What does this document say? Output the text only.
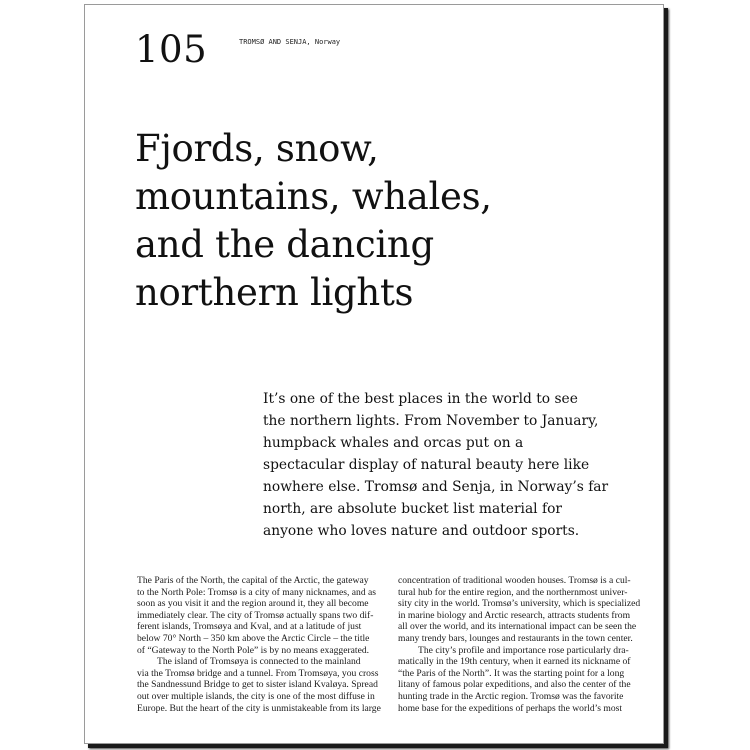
105	TROMSØ AND SENJA, Norway
Fjords, snow,
mountains, whales,
and the dancing
northern lights

It’s one of the best places in the world to see
the northern lights. From November to January,
humpback whales and orcas put on a
spectacular display of natural beauty here like
nowhere else. Tromsø and Senja, in Norway’s far
north, are absolute bucket list material for
anyone who loves nature and outdoor sports.

The Paris of the North, the capital of the Arctic, the gateway
to the North Pole: Tromsø is a city of many nicknames, and as
soon as you visit it and the region around it, they all become
immediately clear. The city of Tromsø actually spans two dif-
ferent islands, Tromsøya and Kval, and at a latitude of just
below 70° North – 350 km above the Arctic Circle – the title
of “Gateway to the North Pole” is by no means exaggerated.
The island of Tromsøya is connected to the mainland
via the Tromsø bridge and a tunnel. From Tromsøya, you cross
the Sandnessund Bridge to get to sister island Kvaløya. Spread
out over multiple islands, the city is one of the most diffuse in
Europe. But the heart of the city is unmistakeable from its large
concentration of traditional wooden houses. Tromsø is a cul-
tural hub for the entire region, and the northernmost univer-
sity city in the world. Tromsø’s university, which is specialized
in marine biology and Arctic research, attracts students from
all over the world, and its international impact can be seen the
many trendy bars, lounges and restaurants in the town center.
The city’s profile and importance rose particularly dra-
matically in the 19th century, when it earned its nickname of
“the Paris of the North”. It was the starting point for a long
litany of famous polar expeditions, and also the center of the
hunting trade in the Arctic region. Tromsø was the favorite
home base for the expeditions of perhaps the world’s most
